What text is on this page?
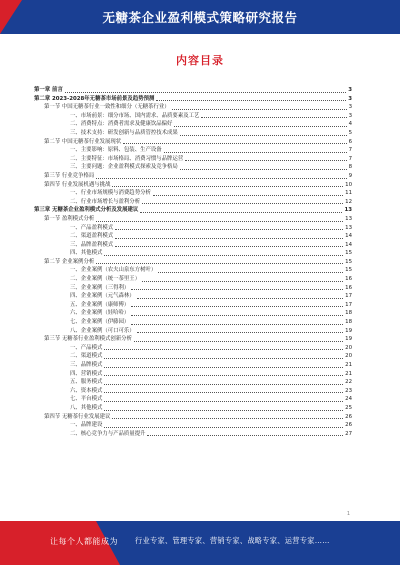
无糖茶企业盈利模式策略研究报告
内容目录
第一章 前言	3
第二章 2023-2028年无糖茶市场前景及趋势预测	3
第一节 中国无糖茶行业一致性和细分（无糖茶行业）	3
一、市场前景：细分市场、国内需求、品质要素及工艺	3
二、消费特点：消费者需求及健康饮品偏好	4
三、技术支持：研发创新与品质管控技术成果	5
第二节 中国无糖茶行业发展现状	6
一、主要影响：原料、包装、生产设备	7
二、主要特征：市场格局、消费习惯与品牌运营	7
三、主要问题：企业盈利模式探索及竞争格局	8
第三节 行业竞争格局	9
第四节 行业发展机遇与挑战	10
一、行业市场规模与消费趋势分析	11
二、行业市场增长与盈利分析	12
第三章 无糖茶企业盈利模式分析及发展建议	13
第一节 盈利模式分析	13
一、产品盈利模式	13
二、渠道盈利模式	14
三、品牌盈利模式	14
四、其他模式	15
第二节 企业案例分析	15
一、企业案例（农夫山泉东方树叶）	15
二、企业案例（统一茶里王）	16
三、企业案例（三得利）	16
四、企业案例（元气森林）	17
五、企业案例（康师傅）	17
六、企业案例（娃哈哈）	18
七、企业案例（伊藤园）	18
八、企业案例（可口可乐）	19
第三节 无糖茶行业盈利模式创新分析	19
一、产品模式	20
二、渠道模式	20
三、品牌模式	21
四、营销模式	21
五、服务模式	22
六、资本模式	23
七、平台模式	24
八、其他模式	25
第四节 无糖茶行业发展建议	26
一、品牌建设	26
二、核心竞争力与产品质量提升	27
1
让每个人都能成为 行业专家、管理专家、营销专家、战略专家、运营专家……
